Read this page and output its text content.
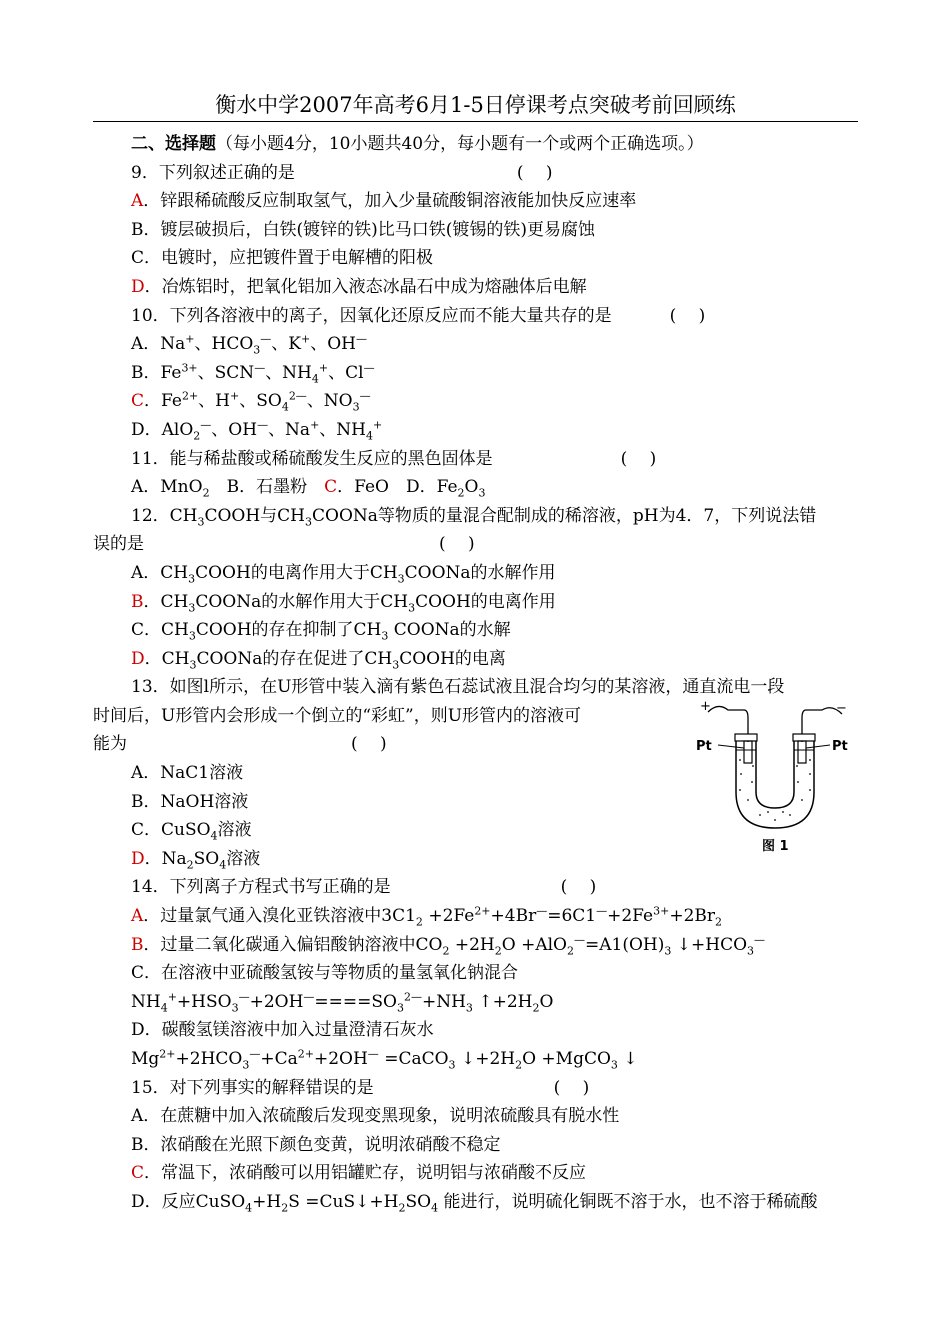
衡水中学2007年高考6月1-5日停课考点突破考前回顾练
二、选择题（每小题4分，10小题共40分，每小题有一个或两个正确选项。）
9．下列叙述正确的是	(　 )
A．锌跟稀硫酸反应制取氢气，加入少量硫酸铜溶液能加快反应速率
B．镀层破损后，白铁(镀锌的铁)比马口铁(镀锡的铁)更易腐蚀
C．电镀时，应把镀件置于电解槽的阳极
D．冶炼铝时，把氧化铝加入液态冰晶石中成为熔融体后电解
10．下列各溶液中的离子，因氧化还原反应而不能大量共存的是	(　 )
A．Na+、$HCO_3^—$、K+、OH—
B．$Fe^{3+}$、SCN—、$NH_4^+$、Cl—
C．$Fe^{2+}$、H+、$SO_4^{2—}$、$NO_3^—$
D．AlO$_2$—、OH—、Na+、$NH_4^+$
11．能与稀盐酸或稀硫酸发生反应的黑色固体是	(　 )
A．MnO$_2$　B．石墨粉　C．FeO　D．$Fe_2O_3$
12．$CH_3COOH$与$CH_3COONa$等物质的量混合配制成的稀溶液，pH为4．7，下列说法错
误的是	(　 )
A．$CH_3COOH$的电离作用大于$CH_3COONa$的水解作用
B．$CH_3COONa$的水解作用大于$CH_3COOH$的电离作用
C．$CH_3COOH$的存在抑制了$CH_3$ COONa的水解
D．$CH_3COONa$的存在促进了$CH_3COOH$的电离
13．如图l所示，在U形管中装入滴有紫色石蕊试液且混合均匀的某溶液，通直流电一段
时间后，U形管内会形成一个倒立的“彩虹”，则U形管内的溶液可
能为	(　 )
A．NaC1溶液
B．NaOH溶液
C．CuSO$_4$溶液
D．$Na_2SO_4$溶液
14．下列离子方程式书写正确的是	(　 )
A．过量氯气通入溴化亚铁溶液中$3C1_2 +2Fe^{2+}+4Br^—=6C1^—+2Fe^{3+}+2Br_2$
B．过量二氧化碳通入偏铝酸钠溶液中$CO_2 +2H_2O +AlO_2^—=A1(OH)_3$ $↓+HCO_3^—$
C．在溶液中亚硫酸氢铵与等物质的量氢氧化钠混合
$NH_4^++HSO_3^—+2OH^—====SO_3^{2—}+NH_3$ $↑+2H_2O$
D．碳酸氢镁溶液中加入过量澄清石灰水
$Mg^{2+}+2HCO_3^—+Ca^{2+}+2OH^—$ =CaCO$_3$ $↓+2H_2O$ +MgCO$_3$ ↓
15．对下列事实的解释错误的是	(　 )
A．在蔗糖中加入浓硫酸后发现变黑现象，说明浓硫酸具有脱水性
B．浓硝酸在光照下颜色变黄，说明浓硝酸不稳定
C．常温下，浓硝酸可以用铝罐贮存，说明铝与浓硝酸不反应
D．反应$CuSO_4+H_2S$ $=CuS↓+H_2SO_4$ 能进行，说明硫化铜既不溶于水，也不溶于稀硫酸
+	−
Pt	Pt
图 1
